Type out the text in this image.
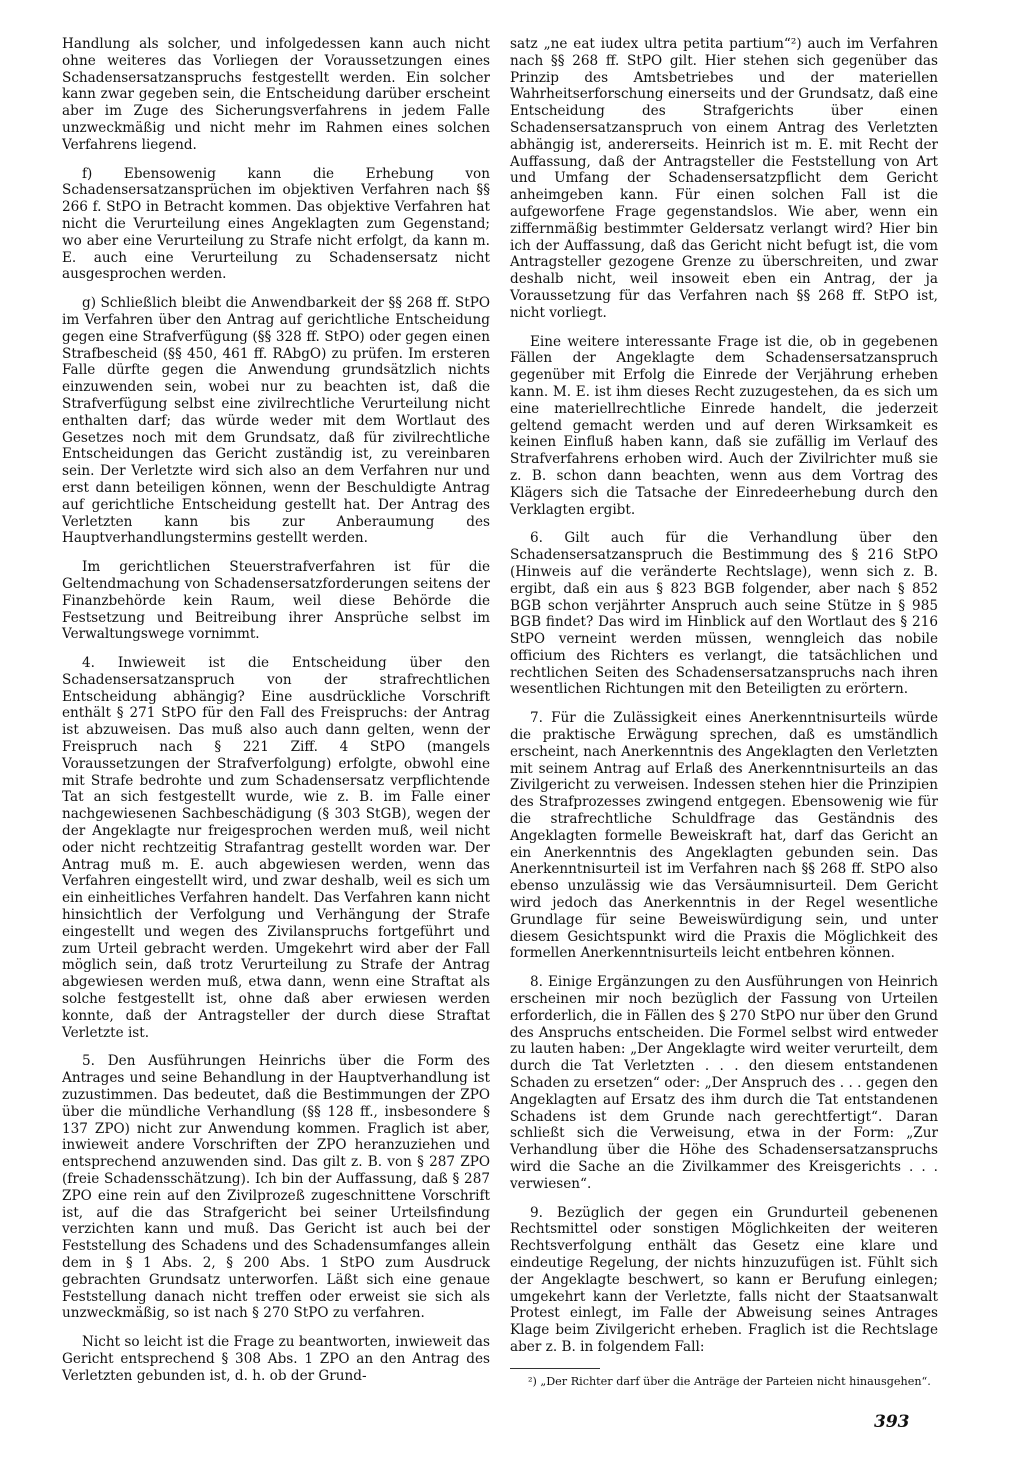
Handlung als solcher, und infolgedessen kann auch nicht ohne weiteres das Vorliegen der Voraussetzungen eines Schadensersatzanspruchs festgestellt werden. Ein solcher kann zwar gegeben sein, die Entscheidung darüber erscheint aber im Zuge des Sicherungsverfahrens in jedem Falle unzweckmäßig und nicht mehr im Rahmen eines solchen Verfahrens liegend.

f) Ebensowenig kann die Erhebung von Schadensersatzansprüchen im objektiven Verfahren nach §§ 266 f. StPO in Betracht kommen. Das objektive Verfahren hat nicht die Verurteilung eines Angeklagten zum Gegenstand; wo aber eine Verurteilung zu Strafe nicht erfolgt, da kann m. E. auch eine Verurteilung zu Schadensersatz nicht ausgesprochen werden.

g) Schließlich bleibt die Anwendbarkeit der §§ 268 ff. StPO im Verfahren über den Antrag auf gerichtliche Entscheidung gegen eine Strafverfügung (§§ 328 ff. StPO) oder gegen einen Strafbescheid (§§ 450, 461 ff. RAbgO) zu prüfen. Im ersteren Falle dürfte gegen die Anwendung grundsätzlich nichts einzuwenden sein, wobei nur zu beachten ist, daß die Strafverfügung selbst eine zivilrechtliche Verurteilung nicht enthalten darf; das würde weder mit dem Wortlaut des Gesetzes noch mit dem Grundsatz, daß für zivilrechtliche Entscheidungen das Gericht zuständig ist, zu vereinbaren sein. Der Verletzte wird sich also an dem Verfahren nur und erst dann beteiligen können, wenn der Beschuldigte Antrag auf gerichtliche Entscheidung gestellt hat. Der Antrag des Verletzten kann bis zur Anberaumung des Hauptverhandlungstermins gestellt werden.

Im gerichtlichen Steuerstrafverfahren ist für die Geltendmachung von Schadensersatzforderungen seitens der Finanzbehörde kein Raum, weil diese Behörde die Festsetzung und Beitreibung ihrer Ansprüche selbst im Verwaltungswege vornimmt.

4. Inwieweit ist die Entscheidung über den Schadensersatzanspruch von der strafrechtlichen Entscheidung abhängig? Eine ausdrückliche Vorschrift enthält § 271 StPO für den Fall des Freispruchs: der Antrag ist abzuweisen. Das muß also auch dann gelten, wenn der Freispruch nach § 221 Ziff. 4 StPO (mangels Voraussetzungen der Strafverfolgung) erfolgte, obwohl eine mit Strafe bedrohte und zum Schadensersatz verpflichtende Tat an sich festgestellt wurde, wie z. B. im Falle einer nachgewiesenen Sachbeschädigung (§ 303 StGB), wegen der der Angeklagte nur freigesprochen werden muß, weil nicht oder nicht rechtzeitig Strafantrag gestellt worden war. Der Antrag muß m. E. auch abgewiesen werden, wenn das Verfahren eingestellt wird, und zwar deshalb, weil es sich um ein einheitliches Verfahren handelt. Das Verfahren kann nicht hinsichtlich der Verfolgung und Verhängung der Strafe eingestellt und wegen des Zivilanspruchs fortgeführt und zum Urteil gebracht werden. Umgekehrt wird aber der Fall möglich sein, daß trotz Verurteilung zu Strafe der Antrag abgewiesen werden muß, etwa dann, wenn eine Straftat als solche festgestellt ist, ohne daß aber erwiesen werden konnte, daß der Antragsteller der durch diese Straftat Verletzte ist.

5. Den Ausführungen Heinrichs über die Form des Antrages und seine Behandlung in der Hauptverhandlung ist zuzustimmen. Das bedeutet, daß die Bestimmungen der ZPO über die mündliche Verhandlung (§§ 128 ff., insbesondere § 137 ZPO) nicht zur Anwendung kommen. Fraglich ist aber, inwieweit andere Vorschriften der ZPO heranzuziehen und entsprechend anzuwenden sind. Das gilt z. B. von § 287 ZPO (freie Schadensschätzung). Ich bin der Auffassung, daß § 287 ZPO eine rein auf den Zivilprozeß zugeschnittene Vorschrift ist, auf die das Strafgericht bei seiner Urteilsfindung verzichten kann und muß. Das Gericht ist auch bei der Feststellung des Schadens und des Schadensumfanges allein dem in § 1 Abs. 2, § 200 Abs. 1 StPO zum Ausdruck gebrachten Grundsatz unterworfen. Läßt sich eine genaue Feststellung danach nicht treffen oder erweist sie sich als unzweckmäßig, so ist nach § 270 StPO zu verfahren.

Nicht so leicht ist die Frage zu beantworten, inwieweit das Gericht entsprechend § 308 Abs. 1 ZPO an den Antrag des Verletzten gebunden ist, d. h. ob der Grund-

satz „ne eat iudex ultra petita partium“²) auch im Verfahren nach §§ 268 ff. StPO gilt. Hier stehen sich gegenüber das Prinzip des Amtsbetriebes und der materiellen Wahrheitserforschung einerseits und der Grundsatz, daß eine Entscheidung des Strafgerichts über einen Schadensersatzanspruch von einem Antrag des Verletzten abhängig ist, andererseits. Heinrich ist m. E. mit Recht der Auffassung, daß der Antragsteller die Feststellung von Art und Umfang der Schadensersatzpflicht dem Gericht anheimgeben kann. Für einen solchen Fall ist die aufgeworfene Frage gegenstandslos. Wie aber, wenn ein ziffernmäßig bestimmter Geldersatz verlangt wird? Hier bin ich der Auffassung, daß das Gericht nicht befugt ist, die vom Antragsteller gezogene Grenze zu überschreiten, und zwar deshalb nicht, weil insoweit eben ein Antrag, der ja Voraussetzung für das Verfahren nach §§ 268 ff. StPO ist, nicht vorliegt.

Eine weitere interessante Frage ist die, ob in gegebenen Fällen der Angeklagte dem Schadensersatzanspruch gegenüber mit Erfolg die Einrede der Verjährung erheben kann. M. E. ist ihm dieses Recht zuzugestehen, da es sich um eine materiellrechtliche Einrede handelt, die jederzeit geltend gemacht werden und auf deren Wirksamkeit es keinen Einfluß haben kann, daß sie zufällig im Verlauf des Strafverfahrens erhoben wird. Auch der Zivilrichter muß sie z. B. schon dann beachten, wenn aus dem Vortrag des Klägers sich die Tatsache der Einredeerhebung durch den Verklagten ergibt.

6. Gilt auch für die Verhandlung über den Schadensersatzanspruch die Bestimmung des § 216 StPO (Hinweis auf die veränderte Rechtslage), wenn sich z. B. ergibt, daß ein aus § 823 BGB folgender, aber nach § 852 BGB schon verjährter Anspruch auch seine Stütze in § 985 BGB findet? Das wird im Hinblick auf den Wortlaut des § 216 StPO verneint werden müssen, wenngleich das nobile officium des Richters es verlangt, die tatsächlichen und rechtlichen Seiten des Schadensersatzanspruchs nach ihren wesentlichen Richtungen mit den Beteiligten zu erörtern.

7. Für die Zulässigkeit eines Anerkenntnisurteils würde die praktische Erwägung sprechen, daß es umständlich erscheint, nach Anerkenntnis des Angeklagten den Verletzten mit seinem Antrag auf Erlaß des Anerkenntnisurteils an das Zivilgericht zu verweisen. Indessen stehen hier die Prinzipien des Strafprozesses zwingend entgegen. Ebensowenig wie für die strafrechtliche Schuldfrage das Geständnis des Angeklagten formelle Beweiskraft hat, darf das Gericht an ein Anerkenntnis des Angeklagten gebunden sein. Das Anerkenntnisurteil ist im Verfahren nach §§ 268 ff. StPO also ebenso unzulässig wie das Versäumnisurteil. Dem Gericht wird jedoch das Anerkenntnis in der Regel wesentliche Grundlage für seine Beweiswürdigung sein, und unter diesem Gesichtspunkt wird die Praxis die Möglichkeit des formellen Anerkenntnisurteils leicht entbehren können.

8. Einige Ergänzungen zu den Ausführungen von Heinrich erscheinen mir noch bezüglich der Fassung von Urteilen erforderlich, die in Fällen des § 270 StPO nur über den Grund des Anspruchs entscheiden. Die Formel selbst wird entweder zu lauten haben: „Der Angeklagte wird weiter verurteilt, dem durch die Tat Verletzten . . . den diesem entstandenen Schaden zu ersetzen“ oder: „Der Anspruch des . . . gegen den Angeklagten auf Ersatz des ihm durch die Tat entstandenen Schadens ist dem Grunde nach gerechtfertigt“. Daran schließt sich die Verweisung, etwa in der Form: „Zur Verhandlung über die Höhe des Schadensersatzanspruchs wird die Sache an die Zivilkammer des Kreisgerichts . . . verwiesen“.

9. Bezüglich der gegen ein Grundurteil gebenenen Rechtsmittel oder sonstigen Möglichkeiten der weiteren Rechtsverfolgung enthält das Gesetz eine klare und eindeutige Regelung, der nichts hinzuzufügen ist. Fühlt sich der Angeklagte beschwert, so kann er Berufung einlegen; umgekehrt kann der Verletzte, falls nicht der Staatsanwalt Protest einlegt, im Falle der Abweisung seines Antrages Klage beim Zivilgericht erheben. Fraglich ist die Rechtslage aber z. B. in folgendem Fall:

²) „Der Richter darf über die Anträge der Parteien nicht hinausgehen“.

393
